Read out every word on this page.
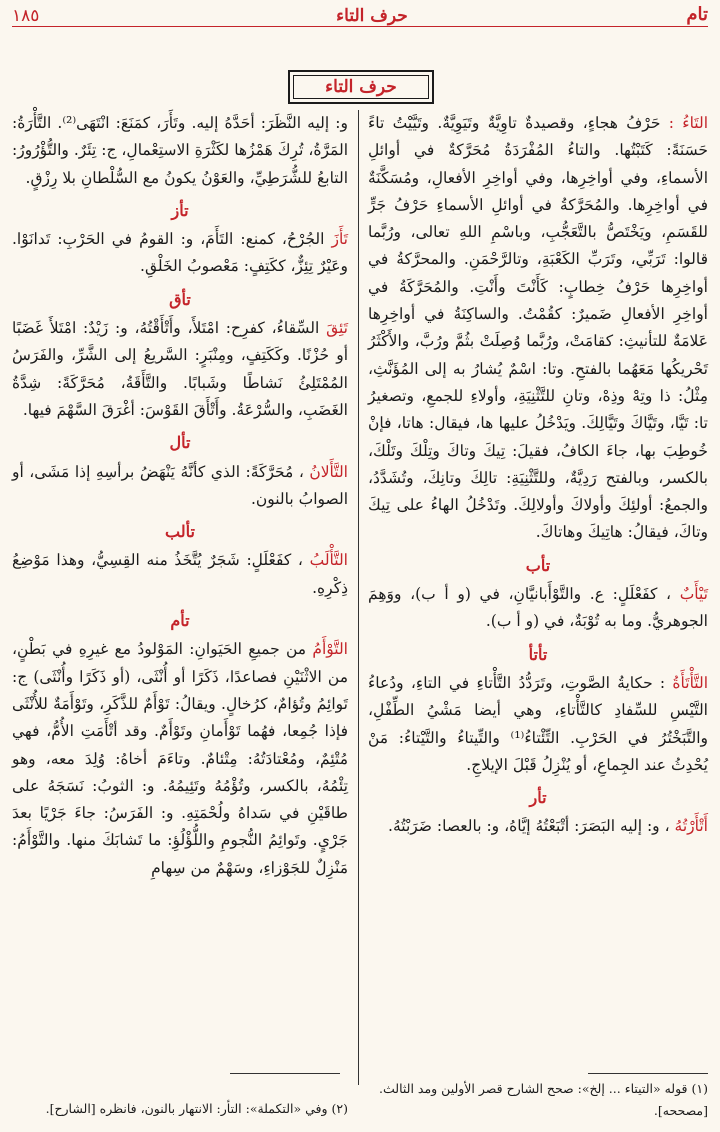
١٨٥	حرف التاء	تام
حرف التاء

التَاءُ : حَرْفُ هجاءٍ، وقصيدةٌ تاوِيَّةٌ وتَيَوِيَّةٌ. وتَيَّيْتُ تاءً حَسَنَةً: كَتَبْتُها. والتاءُ المُفْرَدَةُ مُحَرَّكةٌ في أوائلِ الأسماءِ، وفي أواخِرِها، وفي أواخِرِ الأفعالِ، ومُسَكَّنَةٌ في أواخِرِها. والمُحَرَّكةُ في أوائلِ الأسماءِ حَرْفُ جَرٍّ للقَسَمِ، ويَخْتَصُّ بالتَّعَجُّبِ، وباسْمِ اللهِ تعالى، ورُبَّما قالوا: تَرَبِّي، وتَرَبِّ الكَعْبَةِ، وتالرَّحْمَنِ. والمحرَّكةُ في أواخِرِها حَرْفُ خِطابٍ: كَأَنْتَ وأَنْتِ. والمُحَرَّكَةُ في أواخِرِ الأفعالِ ضَميرٌ: كقُمْتُ. والساكِنَةُ في أواخِرِها عَلامَةٌ للتأنيثِ: كقامَتْ، ورُبَّما وُصِلَتْ بثُمَّ ورُبَّ، والأَكْثَرُ تَحْريكُها مَعَهُما بالفتحِ. وتا: اسْمٌ يُشارُ به إلى المُؤَنَّثِ، مِثْلُ: ذا وتِهْ وذِهْ، وتانِ للتَّثْنِيَةِ، وأولاءِ للجمعِ، وتصغيرُ تا: تَيَّا، وتَيَّاكَ وتَيَّالِكَ. ويَدْخُلُ عليها ها، فيقال: هاتا، فإنْ خُوطِبَ بها، جاءَ الكافُ، فقيلَ: تِيكَ وتاكَ وتِلْكَ وتَلْكَ، بالكسر، وبالفتح رَدِيَّةٌ، وللتَّثْنِيَةِ: تالِكَ وتانِكَ، وتُشَدَّدُ، والجمعُ: أولئِكَ وأولاكَ وأولالِكَ. وتَدْخُلُ الهاءُ على تِيكَ وتاكَ، فيقالُ: هاتِيكَ وهاتاكَ.

تأب

تَيْأَبٌ ، كفَعْلَلٍ: ع. والتَّوْأَبانيَّانِ، في (و أ ب)، ووَهِمَ الجوهريُّ. وما به تُوْبَةٌ، في (و أ ب).

تأتأ

التَّأْتَأَةُ : حكايةُ الصَّوتِ، وتَرَدُّدُ التَّأْتاءِ في التاءِ، ودُعاءُ التَّيْسِ للسِّفادِ كالتَّأْتاءِ، وهي أيضا مَشْيُ الطِّفْلِ، والتَّبَخْتُرُ في الحَرْبِ. التِّئْتاءُ⁽¹⁾ والتِّيتاءُ والتَّيْتاءُ: مَنْ يُحْدِثُ عند الجِماعِ، أو يُنْزِلُ قَبْلَ الإيلاجِ.

تأر

أَتْأَرْتُهُ ، و: إليه البَصَرَ: أتْبَعْتُهُ إيَّاهُ، و: بالعصا: ضَرَبْتُهُ.

و: إليه النَّظَرَ: أحَدَّهُ إليه. وتَأَرَ، كمَنَعَ: انْتَهَى⁽²⁾. التَّأْرَةُ: المَرَّةُ، تُرِكَ هَمْزُها لكَثْرَةِ الاستِعْمالِ، ج: تِئَرٌ. والتُّؤْرُورُ: التابعُ للشُّرَطِيِّ، والعَوْنُ يكونُ مع السُّلْطانِ بلا رِزْقٍ.

تأز

تَأَزَ الجُرْحُ، كمنع: التَأَمَ، و: القومُ في الحَرْبِ: تَدانَوْا. وعَيْرٌ تِئِزٌّ، ككَتِفٍ: مَعْصوبُ الخَلْقِ.

تأق

تَئِقَ السِّقاءُ، كفرِح: امْتَلأَ، وأَتْأَقْتُهُ، و: زَيْدٌ: امْتَلأَ غَضَبًا أو حُزْنًا. وكَكَتِفٍ، ومِنْبَرٍ: السَّريعُ إلى الشَّرِّ، والفَرَسُ المُمْتَلِئُ نَشاطًا وشَبابًا. والتَّأَقَةُ، مُحَرَّكَةً: شِدَّةُ الغَضَبِ، والسُّرْعَةُ. وأَتْأَقَ القَوْسَ: أغْرَقَ السَّهْمَ فيها.

تأل

التَّأَلانُ ، مُحَرَّكَةً: الذي كأنَّهُ يَنْهَضُ برأسِهِ إذا مَشَى، أو الصوابُ بالنون.

تألب

التَّأْلَبُ ، كفَعْلَلٍ: شَجَرٌ يُتَّخَذُ منه القِسِيُّ، وهذا مَوْضِعُ ذِكْرِهِ.

تأم

التَّوْأَمُ من جميعِ الحَيَوانِ: المَوْلودُ مع غيرِهِ في بَطْنٍ، من الاثْنَيْنِ فصاعدًا، ذَكَرًا أو أُنْثَى، (أو ذَكَرًا وأُنْثَى) ج: تَوائِمُ وتُؤامٌ، كرُخالٍ. ويقالُ: تَوْأَمٌ للذَّكَرِ، وتَوْأَمَةٌ للأُنْثَى فإذا جُمِعا، فهُما تَوْأَمانِ وتَوْأَمٌ. وقد أتْأَمَتِ الأُمُّ، فهي مُتْئِمٌ، ومُعْتادَتُهُ: مِتْئامٌ. وتاءَمَ أخاهُ: وُلِدَ معه، وهو تِئْمُهُ، بالكسر، وتُؤْمُهُ وتَئِيمُهُ. و: الثوبُ: نَسَجَهُ على طاقَيْنِ في سَداهُ ولُحْمَتِهِ. و: الفَرَسُ: جاءَ جَرْيًا بعدَ جَرْيٍ. وتَوائِمُ النُّجومِ واللُّؤْلُؤِ: ما تَشابَكَ منها. والتَّوْأَمُ: مَنْزِلٌ للجَوْزاءِ، وسَهْمٌ من سِهامِ

(١) قوله «التيتاء ... إلخ»: صحح الشارح قصر الأولين ومد الثالث. [مصححه].
(٢) وفي «التكملة»: التأر: الانتهار بالنون، فانظره [الشارح].
